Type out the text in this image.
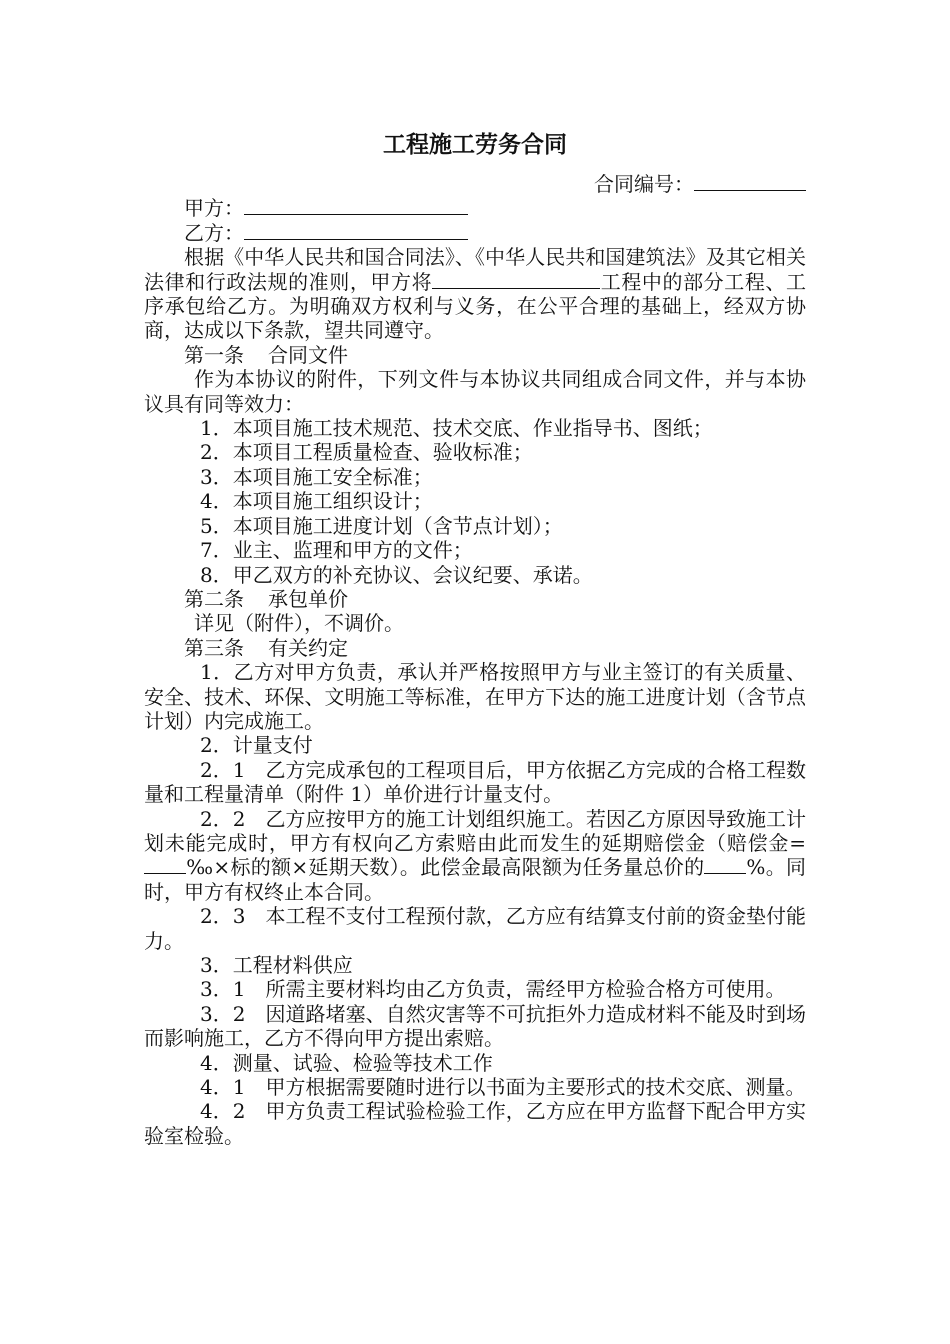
工程施工劳务合同
合同编号：
甲方：
乙方：

根据《中华人民共和国合同法》、《中华人民共和国建筑法》及其它相关法律和行政法规的准则，甲方将	工程中的部分工程、工序承包给乙方。为明确双方权利与义务，在公平合理的基础上，经双方协商，达成以下条款，望共同遵守。

第一条 合同文件

作为本协议的附件，下列文件与本协议共同组成合同文件，并与本协议具有同等效力：

1．本项目施工技术规范、技术交底、作业指导书、图纸；
2．本项目工程质量检查、验收标准；
3．本项目施工安全标准；
4．本项目施工组织设计；
5．本项目施工进度计划（含节点计划）；
7．业主、监理和甲方的文件；
8．甲乙双方的补充协议、会议纪要、承诺。
第二条 承包单价

详见（附件），不调价。

第三条 有关约定

1．乙方对甲方负责，承认并严格按照甲方与业主签订的有关质量、安全、技术、环保、文明施工等标准，在甲方下达的施工进度计划（含节点计划）内完成施工。

2．计量支付

2．1　乙方完成承包的工程项目后，甲方依据乙方完成的合格工程数量和工程量清单（附件 1）单价进行计量支付。

2．2　乙方应按甲方的施工计划组织施工。若因乙方原因导致施工计划未能完成时，甲方有权向乙方索赔由此而发生的延期赔偿金（赔偿金=‰×标的额×延期天数）。此偿金最高限额为任务量总价的 %。同时，甲方有权终止本合同。

2．3　本工程不支付工程预付款，乙方应有结算支付前的资金垫付能力。

3．工程材料供应

3．1　所需主要材料均由乙方负责，需经甲方检验合格方可使用。

3．2　因道路堵塞、自然灾害等不可抗拒外力造成材料不能及时到场而影响施工，乙方不得向甲方提出索赔。

4．测量、试验、检验等技术工作

4．1　甲方根据需要随时进行以书面为主要形式的技术交底、测量。

4．2　甲方负责工程试验检验工作，乙方应在甲方监督下配合甲方实验室检验。
